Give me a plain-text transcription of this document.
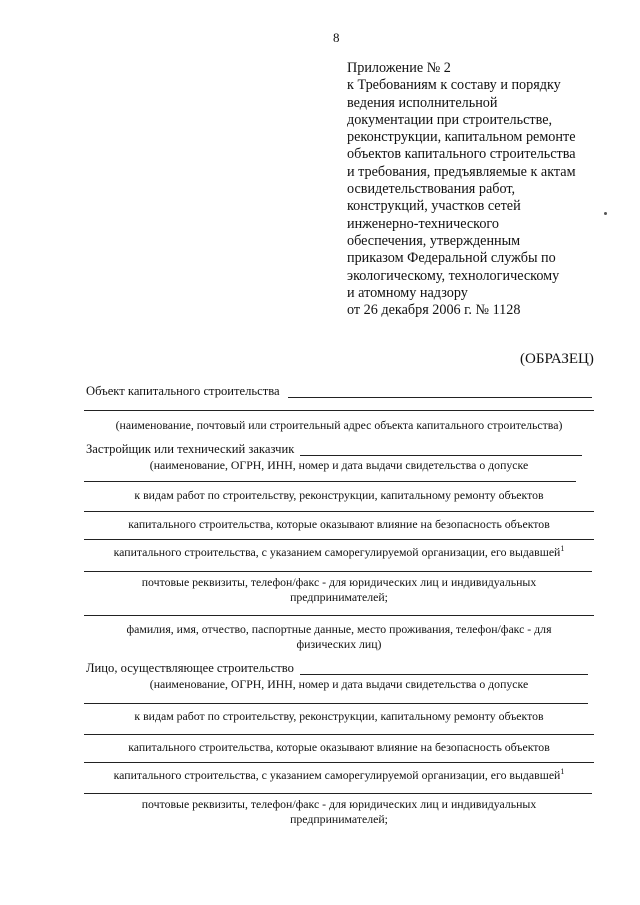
8
Приложение № 2
к Требованиям к составу и порядку
ведения исполнительной
документации при строительстве,
реконструкции, капитальном ремонте
объектов капитального строительства
и требования, предъявляемые к актам
освидетельствования работ,
конструкций, участков сетей
инженерно-технического
обеспечения, утвержденным
приказом Федеральной службы по
экологическому, технологическому
и атомному надзору
от 26 декабря 2006 г. № 1128
(ОБРАЗЕЦ)
Объект капитального строительства
(наименование, почтовый или строительный адрес объекта капитального строительства)
Застройщик или технический заказчик
(наименование, ОГРН, ИНН, номер и дата выдачи свидетельства о допуске
к видам работ по строительству, реконструкции, капитальному ремонту объектов
капитального строительства, которые оказывают влияние на безопасность объектов
капитального строительства, с указанием саморегулируемой организации, его выдавшей$^1$
почтовые реквизиты, телефон/факс - для юридических лиц и индивидуальных
предпринимателей;
фамилия, имя, отчество, паспортные данные, место проживания, телефон/факс - для
физических лиц)
Лицо, осуществляющее строительство
(наименование, ОГРН, ИНН, номер и дата выдачи свидетельства о допуске
к видам работ по строительству, реконструкции, капитальному ремонту объектов
капитального строительства, которые оказывают влияние на безопасность объектов
капитального строительства, с указанием саморегулируемой организации, его выдавшей$^1$
почтовые реквизиты, телефон/факс - для юридических лиц и индивидуальных
предпринимателей;
